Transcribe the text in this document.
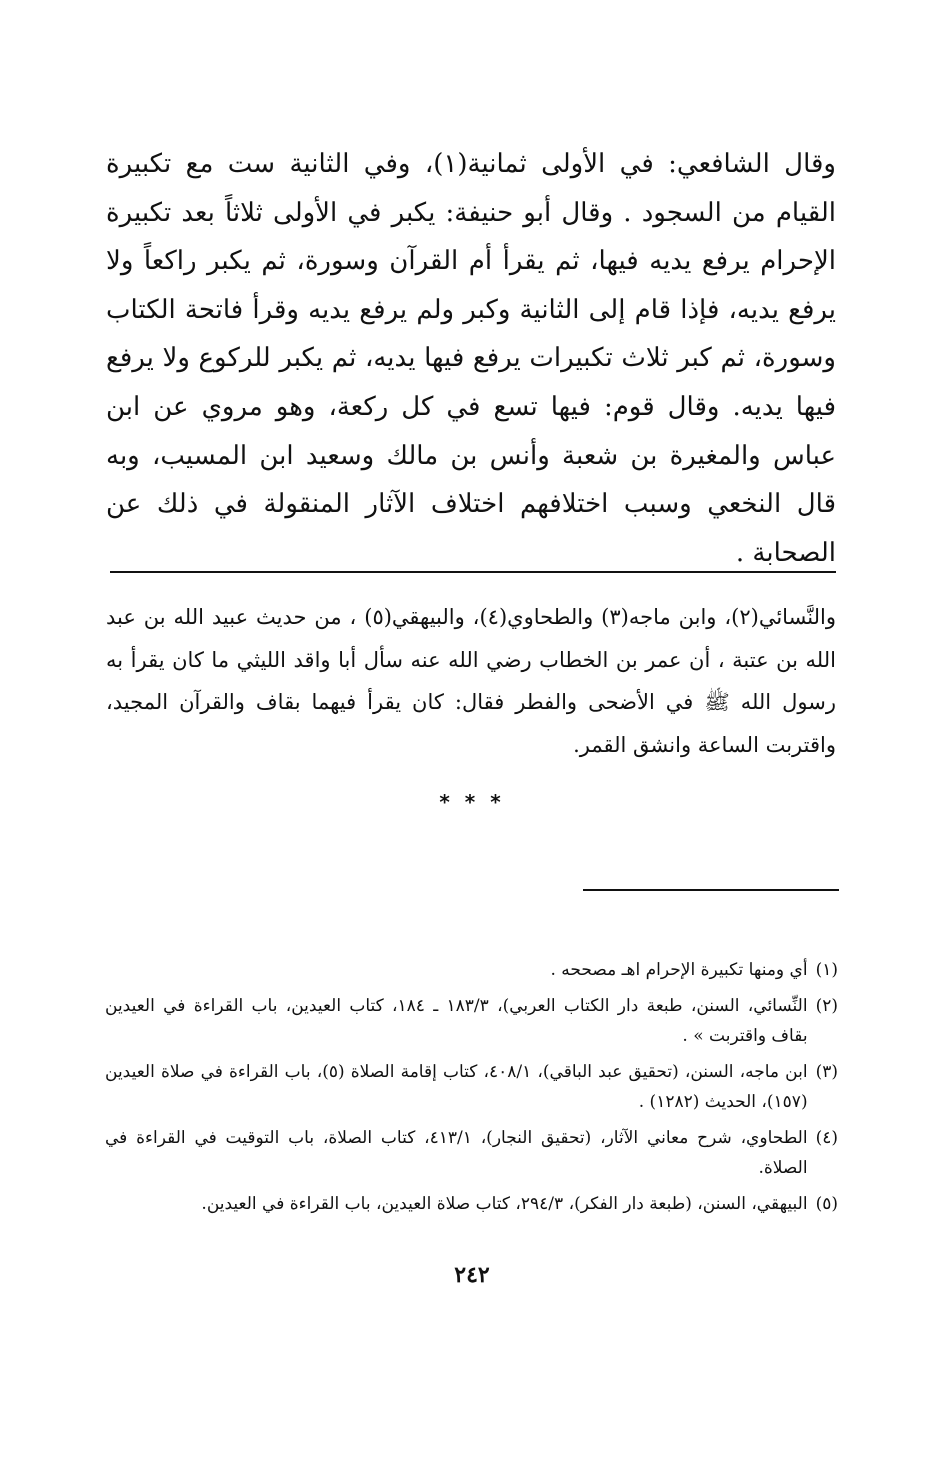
وقال الشافعي: في الأولى ثمانية(١)، وفي الثانية ست مع تكبيرة القيام من السجود . وقال أبو حنيفة: يكبر في الأولى ثلاثاً بعد تكبيرة الإحرام يرفع يديه فيها، ثم يقرأ أم القرآن وسورة، ثم يكبر راكعاً ولا يرفع يديه، فإذا قام إلى الثانية وكبر ولم يرفع يديه وقرأ فاتحة الكتاب وسورة، ثم كبر ثلاث تكبيرات يرفع فيها يديه، ثم يكبر للركوع ولا يرفع فيها يديه. وقال قوم: فيها تسع في كل ركعة، وهو مروي عن ابن عباس والمغيرة بن شعبة وأنس بن مالك وسعيد ابن المسيب، وبه قال النخعي وسبب اختلافهم اختلاف الآثار المنقولة في ذلك عن الصحابة .

والنَّسائي(٢)، وابن ماجه(٣) والطحاوي(٤)، والبيهقي(٥) ، من حديث عبيد الله بن عبد الله بن عتبة ، أن عمر بن الخطاب رضي الله عنه سأل أبا واقد الليثي ما كان يقرأ به رسول الله ﷺ في الأضحى والفطر فقال: كان يقرأ فيهما بقاف والقرآن المجيد، واقتربت الساعة وانشق القمر.

* * *
(١)
أي ومنها تكبيرة الإحرام اهـ مصححه .
(٢)
النِّسائي، السنن، طبعة دار الكتاب العربي)، ١٨٣/٣ ـ ١٨٤، كتاب العيدين، باب القراءة في العيدين بقاف واقتربت » .
(٣)
ابن ماجه، السنن، (تحقيق عبد الباقي)، ٤٠٨/١، كتاب إقامة الصلاة (٥)، باب القراءة في صلاة العيدين (١٥٧)، الحديث (١٢٨٢) .
(٤)
الطحاوي، شرح معاني الآثار، (تحقيق النجار)، ٤١٣/١، كتاب الصلاة، باب التوقيت في القراءة في الصلاة.
(٥)
البيهقي، السنن، (طبعة دار الفكر)، ٢٩٤/٣، كتاب صلاة العيدين، باب القراءة في العيدين.
٢٤٢
